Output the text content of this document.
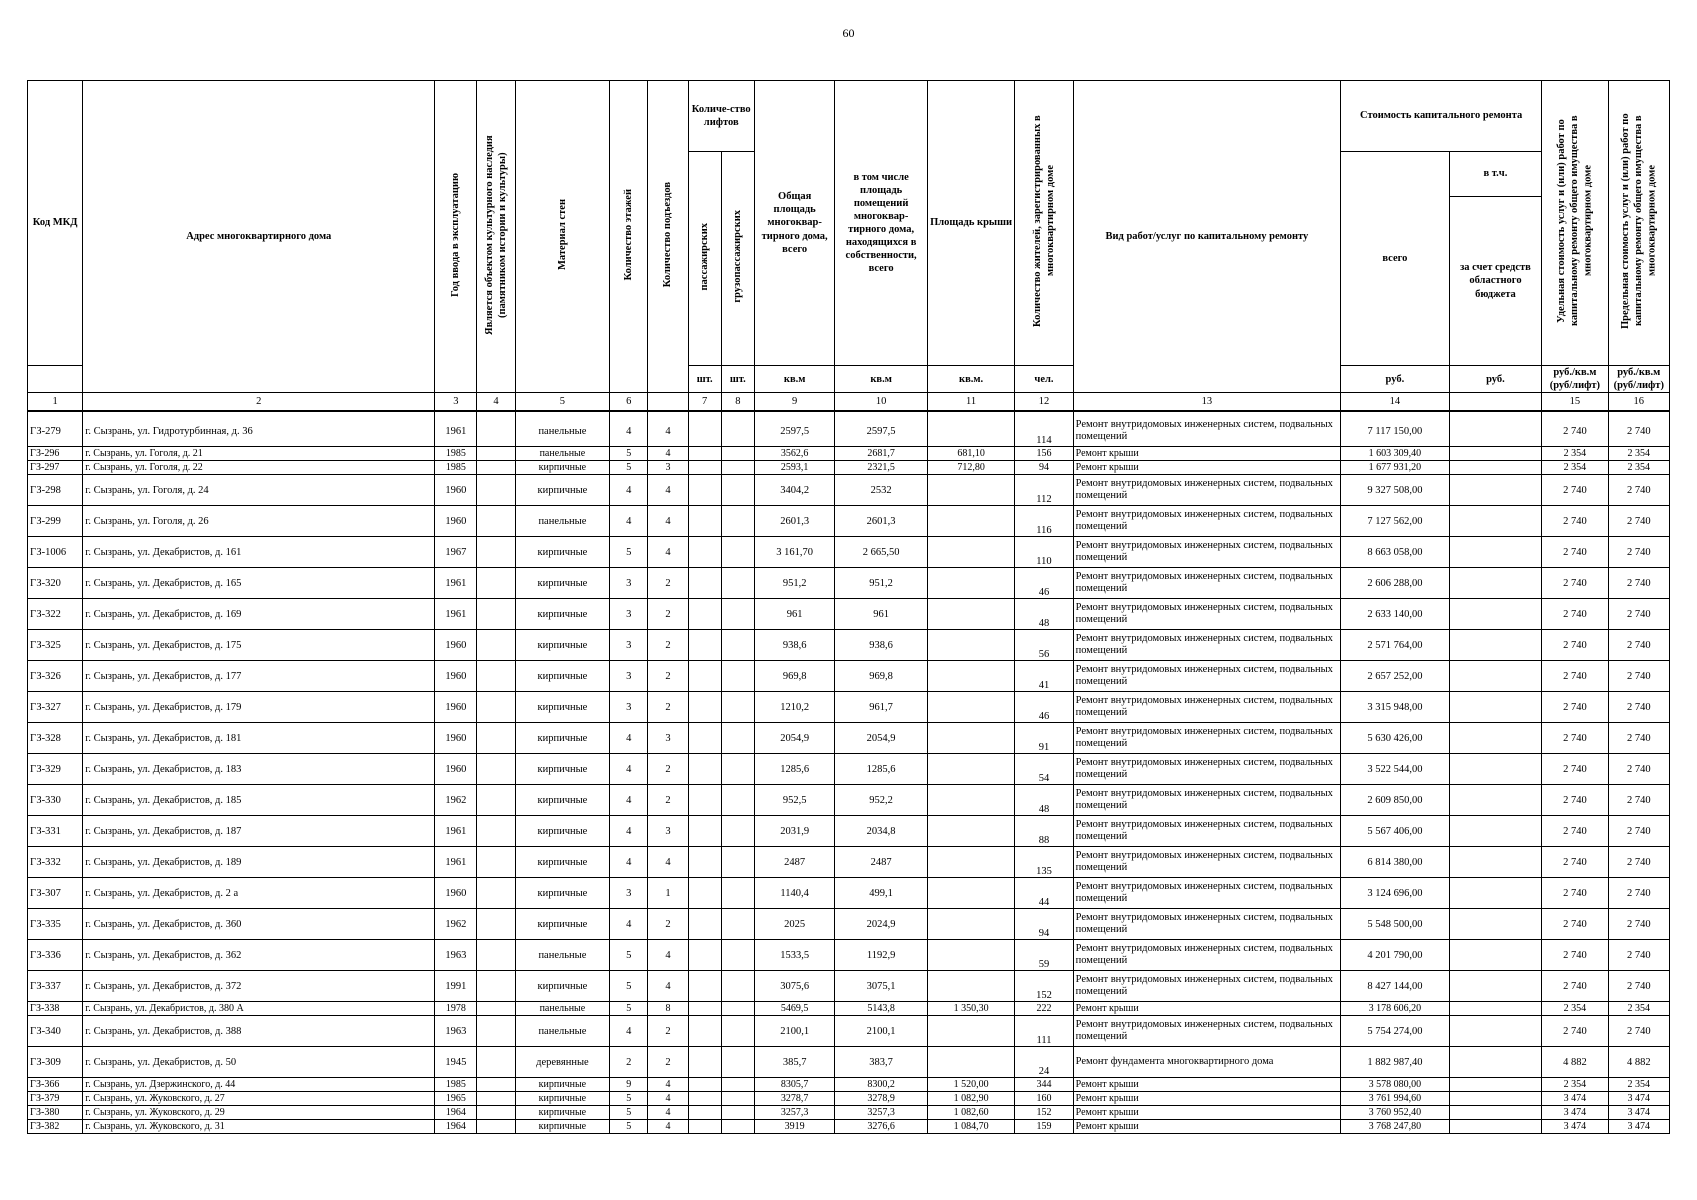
60
Код МКД	Адрес многоквартирного дома	Год ввода в эксплуатацию	Является объектом культурного наследия (памятником истории и культуры)	Материал стен	Количество этажей	Количество подъездов	Количе-ство лифтов		Общая площадь многоквар-тирного дома, всего	в том числе площадь помещений многоквар-тирного дома, находящихся в собственности, всего	Площадь крыши	Количество жителей, зарегистрированных в многоквартирном доме	Вид работ/услуг по капитальному ремонту	Стоимость капитального ремонта		Удельная стоимость услуг и (или) работ по капитальному ремонту общего имущества в многоквартирном доме	Предельная стоимость услуг и (или) работ по капитальному ремонту общего имущества в многоквартирном доме
							пассажирских	грузопассажирских						всего	в т.ч.		
															за счет средств областного бюджета		
							шт.	шт.	кв.м	кв.м	кв.м.	чел.		руб.	руб.	руб./кв.м (руб/лифт)	руб./кв.м (руб/лифт)
1	2	3	4	5	6		7	8	9	10	11	12	13	14		15	16
ГЗ-279	г. Сызрань, ул. Гидротурбинная, д. 36	1961		панельные	4	4			2597,5	2597,5		114	Ремонт внутридомовых инженерных систем, подвальных помещений	7 117 150,00		2 740	2 740
ГЗ-296	г. Сызрань, ул. Гоголя, д. 21	1985		панельные	5	4			3562,6	2681,7	681,10	156	Ремонт крыши	1 603 309,40		2 354	2 354
ГЗ-297	г. Сызрань, ул. Гоголя, д. 22	1985		кирпичные	5	3			2593,1	2321,5	712,80	94	Ремонт крыши	1 677 931,20		2 354	2 354
ГЗ-298	г. Сызрань, ул. Гоголя, д. 24	1960		кирпичные	4	4			3404,2	2532		112	Ремонт внутридомовых инженерных систем, подвальных помещений	9 327 508,00		2 740	2 740
ГЗ-299	г. Сызрань, ул. Гоголя, д. 26	1960		панельные	4	4			2601,3	2601,3		116	Ремонт внутридомовых инженерных систем, подвальных помещений	7 127 562,00		2 740	2 740
ГЗ-1006	г. Сызрань, ул. Декабристов, д. 161	1967		кирпичные	5	4			3 161,70	2 665,50		110	Ремонт внутридомовых инженерных систем, подвальных помещений	8 663 058,00		2 740	2 740
ГЗ-320	г. Сызрань, ул. Декабристов, д. 165	1961		кирпичные	3	2			951,2	951,2		46	Ремонт внутридомовых инженерных систем, подвальных помещений	2 606 288,00		2 740	2 740
ГЗ-322	г. Сызрань, ул. Декабристов, д. 169	1961		кирпичные	3	2			961	961		48	Ремонт внутридомовых инженерных систем, подвальных помещений	2 633 140,00		2 740	2 740
ГЗ-325	г. Сызрань, ул. Декабристов, д. 175	1960		кирпичные	3	2			938,6	938,6		56	Ремонт внутридомовых инженерных систем, подвальных помещений	2 571 764,00		2 740	2 740
ГЗ-326	г. Сызрань, ул. Декабристов, д. 177	1960		кирпичные	3	2			969,8	969,8		41	Ремонт внутридомовых инженерных систем, подвальных помещений	2 657 252,00		2 740	2 740
ГЗ-327	г. Сызрань, ул. Декабристов, д. 179	1960		кирпичные	3	2			1210,2	961,7		46	Ремонт внутридомовых инженерных систем, подвальных помещений	3 315 948,00		2 740	2 740
ГЗ-328	г. Сызрань, ул. Декабристов, д. 181	1960		кирпичные	4	3			2054,9	2054,9		91	Ремонт внутридомовых инженерных систем, подвальных помещений	5 630 426,00		2 740	2 740
ГЗ-329	г. Сызрань, ул. Декабристов, д. 183	1960		кирпичные	4	2			1285,6	1285,6		54	Ремонт внутридомовых инженерных систем, подвальных помещений	3 522 544,00		2 740	2 740
ГЗ-330	г. Сызрань, ул. Декабристов, д. 185	1962		кирпичные	4	2			952,5	952,2		48	Ремонт внутридомовых инженерных систем, подвальных помещений	2 609 850,00		2 740	2 740
ГЗ-331	г. Сызрань, ул. Декабристов, д. 187	1961		кирпичные	4	3			2031,9	2034,8		88	Ремонт внутридомовых инженерных систем, подвальных помещений	5 567 406,00		2 740	2 740
ГЗ-332	г. Сызрань, ул. Декабристов, д. 189	1961		кирпичные	4	4			2487	2487		135	Ремонт внутридомовых инженерных систем, подвальных помещений	6 814 380,00		2 740	2 740
ГЗ-307	г. Сызрань, ул. Декабристов, д. 2 а	1960		кирпичные	3	1			1140,4	499,1		44	Ремонт внутридомовых инженерных систем, подвальных помещений	3 124 696,00		2 740	2 740
ГЗ-335	г. Сызрань, ул. Декабристов, д. 360	1962		кирпичные	4	2			2025	2024,9		94	Ремонт внутридомовых инженерных систем, подвальных помещений	5 548 500,00		2 740	2 740
ГЗ-336	г. Сызрань, ул. Декабристов, д. 362	1963		панельные	5	4			1533,5	1192,9		59	Ремонт внутридомовых инженерных систем, подвальных помещений	4 201 790,00		2 740	2 740
ГЗ-337	г. Сызрань, ул. Декабристов, д. 372	1991		кирпичные	5	4			3075,6	3075,1		152	Ремонт внутридомовых инженерных систем, подвальных помещений	8 427 144,00		2 740	2 740
ГЗ-338	г. Сызрань, ул. Декабристов, д. 380 А	1978		панельные	5	8			5469,5	5143,8	1 350,30	222	Ремонт крыши	3 178 606,20		2 354	2 354
ГЗ-340	г. Сызрань, ул. Декабристов, д. 388	1963		панельные	4	2			2100,1	2100,1		111	Ремонт внутридомовых инженерных систем, подвальных помещений	5 754 274,00		2 740	2 740
ГЗ-309	г. Сызрань, ул. Декабристов, д. 50	1945		деревянные	2	2			385,7	383,7		24	Ремонт фундамента многоквартирного дома	1 882 987,40		4 882	4 882
ГЗ-366	г. Сызрань, ул. Дзержинского, д. 44	1985		кирпичные	9	4			8305,7	8300,2	1 520,00	344	Ремонт крыши	3 578 080,00		2 354	2 354
ГЗ-379	г. Сызрань, ул. Жуковского, д. 27	1965		кирпичные	5	4			3278,7	3278,9	1 082,90	160	Ремонт крыши	3 761 994,60		3 474	3 474
ГЗ-380	г. Сызрань, ул. Жуковского, д. 29	1964		кирпичные	5	4			3257,3	3257,3	1 082,60	152	Ремонт крыши	3 760 952,40		3 474	3 474
ГЗ-382	г. Сызрань, ул. Жуковского, д. 31	1964		кирпичные	5	4			3919	3276,6	1 084,70	159	Ремонт крыши	3 768 247,80		3 474	3 474
